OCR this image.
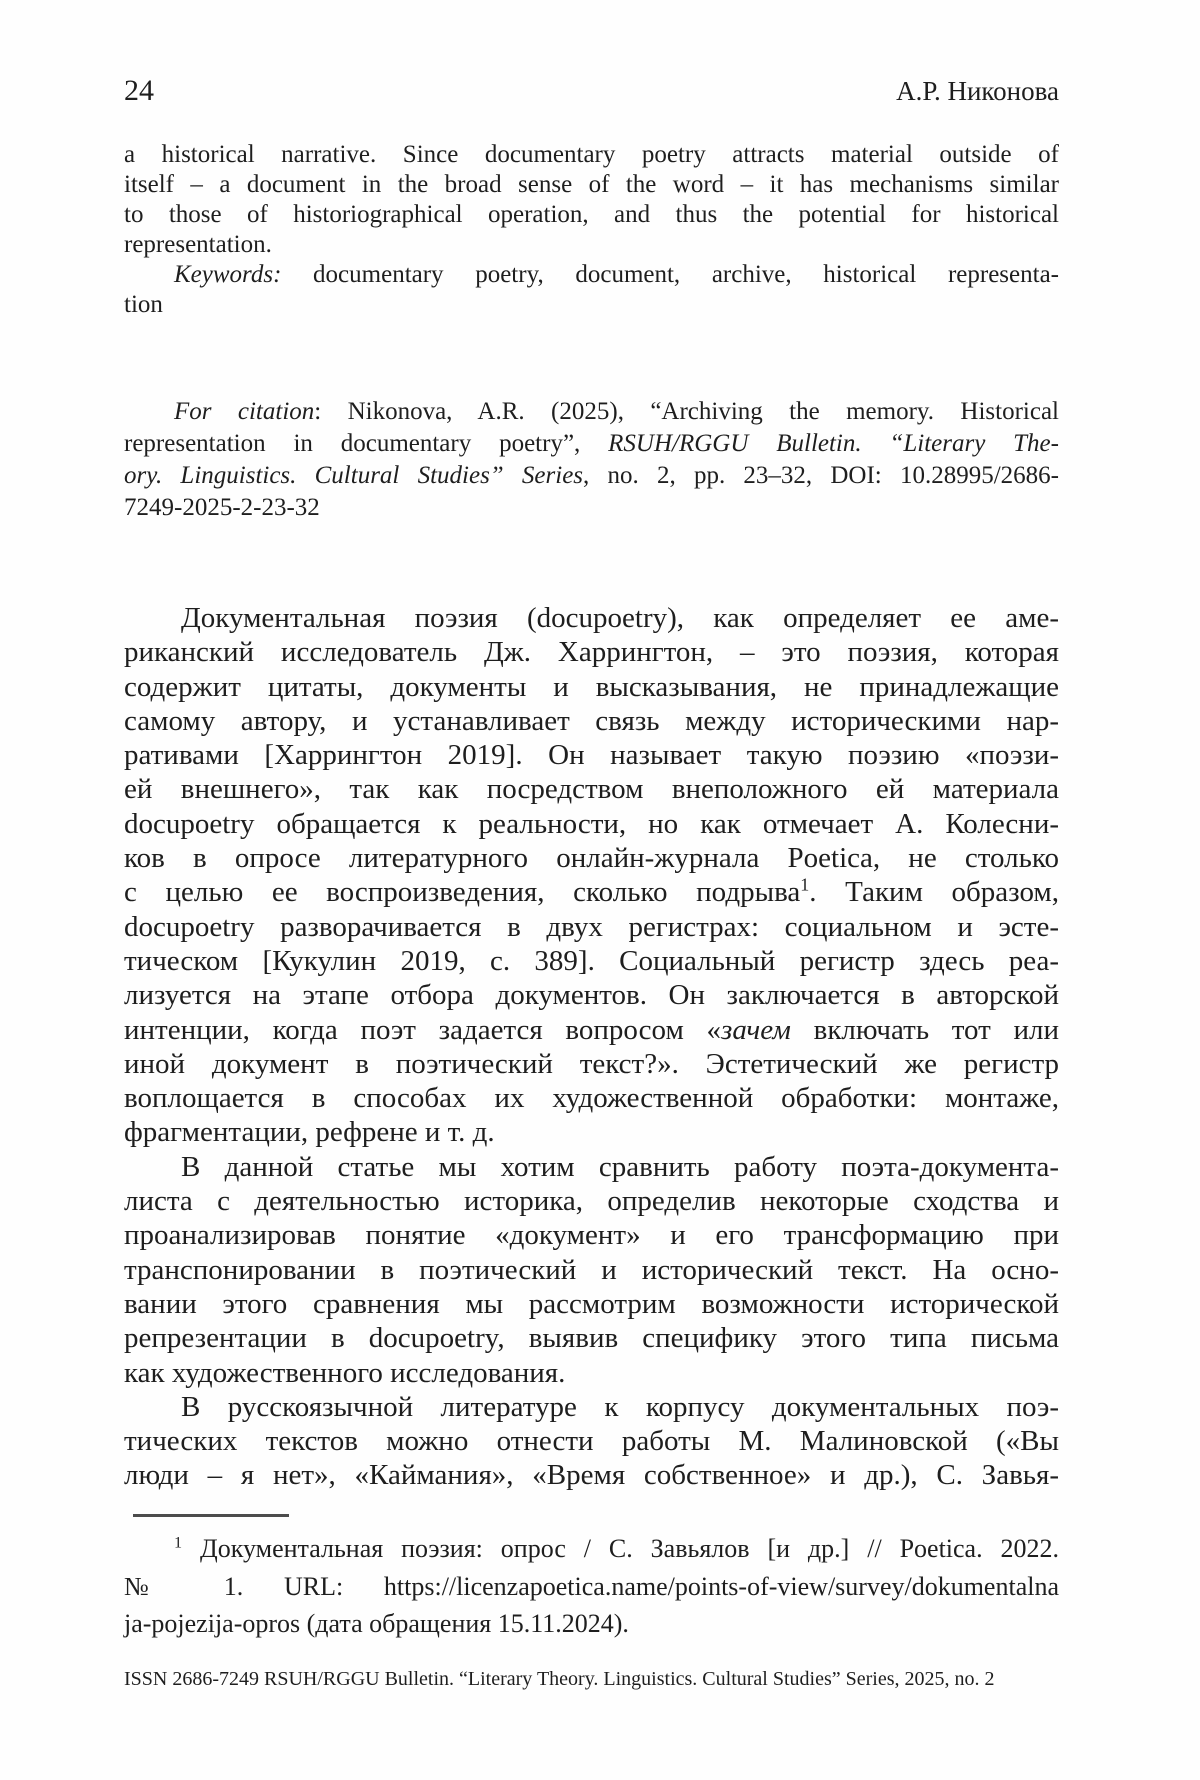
24	А.Р. Никонова
a historical narrative. Since documentary poetry attracts material outside of
itself – a document in the broad sense of the word – it has mechanisms similar
to those of historiographical operation, and thus the potential for historical
representation.
Keywords: documentary poetry, document, archive, historical representa-
tion
For citation: Nikonova, A.R. (2025), “Archiving the memory. Historical
representation in documentary poetry”, RSUH/RGGU Bulletin. “Literary The-
ory. Linguistics. Cultural Studies” Series, no. 2, pp. 23–32, DOI: 10.28995/2686-
7249-2025-2-23-32
Документальная поэзия (docupoetry), как определяет ее аме-
риканский исследователь Дж. Харрингтон, – это поэзия, которая
содержит цитаты, документы и высказывания, не принадлежащие
самому автору, и устанавливает связь между историческими нар-
ративами [Харрингтон 2019]. Он называет такую поэзию «поэзи-
ей внешнего», так как посредством внеположного ей материала
docupoetry обращается к реальности, но как отмечает А. Колесни-
ков в опросе литературного онлайн-журнала Poetica, не столько
с целью ее воспроизведения, сколько подрыва$^1$. Таким образом,
docupoetry разворачивается в двух регистрах: социальном и эсте-
тическом [Кукулин 2019, с. 389]. Социальный регистр здесь реа-
лизуется на этапе отбора документов. Он заключается в авторской
интенции, когда поэт задается вопросом «зачем включать тот или
иной документ в поэтический текст?». Эстетический же регистр
воплощается в способах их художественной обработки: монтаже,
фрагментации, рефрене и т. д.
В данной статье мы хотим сравнить работу поэта-документа-
листа с деятельностью историка, определив некоторые сходства и
проанализировав понятие «документ» и его трансформацию при
транспонировании в поэтический и исторический текст. На осно-
вании этого сравнения мы рассмотрим возможности исторической
репрезентации в docupoetry, выявив специфику этого типа письма
как художественного исследования.
В русскоязычной литературе к корпусу документальных поэ-
тических текстов можно отнести работы М. Малиновской («Вы
люди – я нет», «Каймания», «Время собственное» и др.), С. Завья-
$^1$ Документальная поэзия: опрос / С. Завьялов [и др.] // Poetica. 2022.
№ 1. URL: https://licenzapoetica.name/points-of-view/survey/dokumentalna
ja-pojezija-opros (дата обращения 15.11.2024).
ISSN 2686-7249 RSUH/RGGU Bulletin. “Literary Theory. Linguistics. Cultural Studies” Series, 2025, no. 2
